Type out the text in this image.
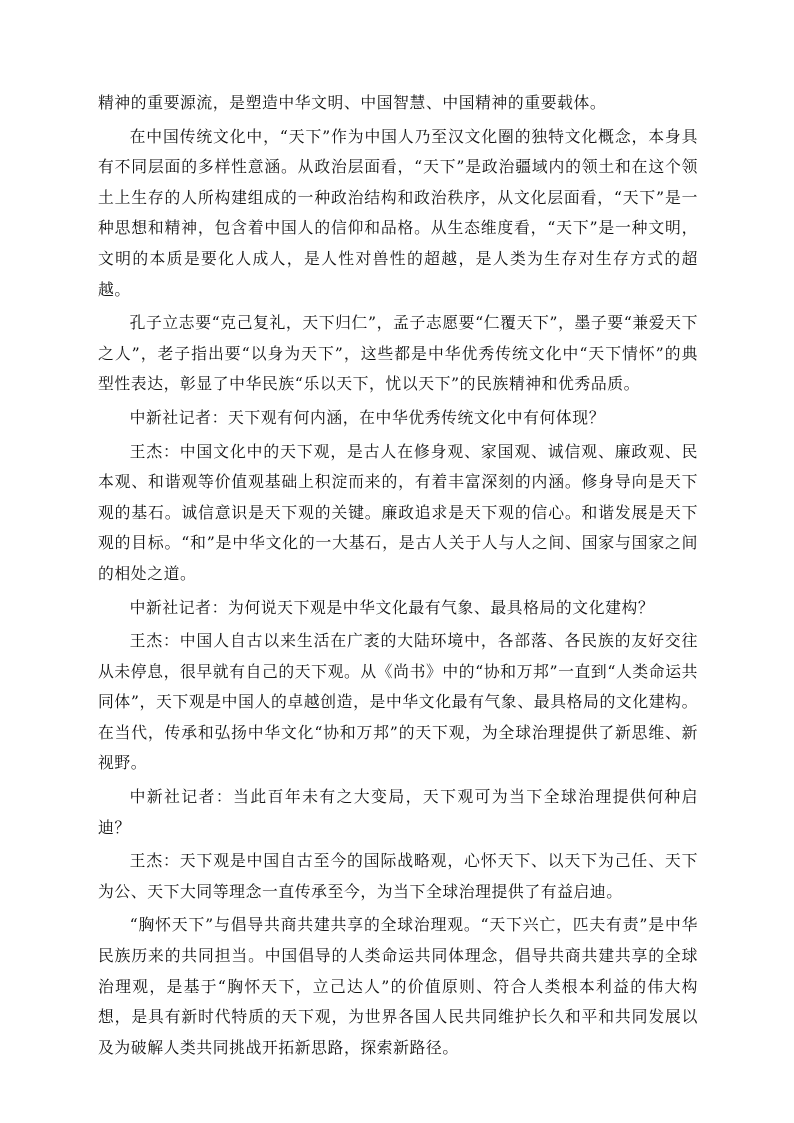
精神的重要源流，是塑造中华文明、中国智慧、中国精神的重要载体。

在中国传统文化中，“天下”作为中国人乃至汉文化圈的独特文化概念，本身具有不同层面的多样性意涵。从政治层面看，“天下”是政治疆域内的领土和在这个领土上生存的人所构建组成的一种政治结构和政治秩序，从文化层面看，“天下”是一种思想和精神，包含着中国人的信仰和品格。从生态维度看，“天下”是一种文明，文明的本质是要化人成人，是人性对兽性的超越，是人类为生存对生存方式的超越。

孔子立志要“克己复礼，天下归仁”，孟子志愿要“仁覆天下”，墨子要“兼爱天下之人”，老子指出要“以身为天下”，这些都是中华优秀传统文化中“天下情怀”的典型性表达，彰显了中华民族“乐以天下，忧以天下”的民族精神和优秀品质。

中新社记者：天下观有何内涵，在中华优秀传统文化中有何体现？

王杰：中国文化中的天下观，是古人在修身观、家国观、诚信观、廉政观、民本观、和谐观等价值观基础上积淀而来的，有着丰富深刻的内涵。修身导向是天下观的基石。诚信意识是天下观的关键。廉政追求是天下观的信心。和谐发展是天下观的目标。“和”是中华文化的一大基石，是古人关于人与人之间、国家与国家之间的相处之道。

中新社记者：为何说天下观是中华文化最有气象、最具格局的文化建构？

王杰：中国人自古以来生活在广袤的大陆环境中，各部落、各民族的友好交往从未停息，很早就有自己的天下观。从《尚书》中的“协和万邦”一直到“人类命运共同体”，天下观是中国人的卓越创造，是中华文化最有气象、最具格局的文化建构。在当代，传承和弘扬中华文化“协和万邦”的天下观，为全球治理提供了新思维、新视野。

中新社记者：当此百年未有之大变局，天下观可为当下全球治理提供何种启迪？

王杰：天下观是中国自古至今的国际战略观，心怀天下、以天下为己任、天下为公、天下大同等理念一直传承至今，为当下全球治理提供了有益启迪。

“胸怀天下”与倡导共商共建共享的全球治理观。“天下兴亡，匹夫有责”是中华民族历来的共同担当。中国倡导的人类命运共同体理念，倡导共商共建共享的全球治理观，是基于“胸怀天下，立己达人”的价值原则、符合人类根本利益的伟大构想，是具有新时代特质的天下观，为世界各国人民共同维护长久和平和共同发展以及为破解人类共同挑战开拓新思路，探索新路径。
